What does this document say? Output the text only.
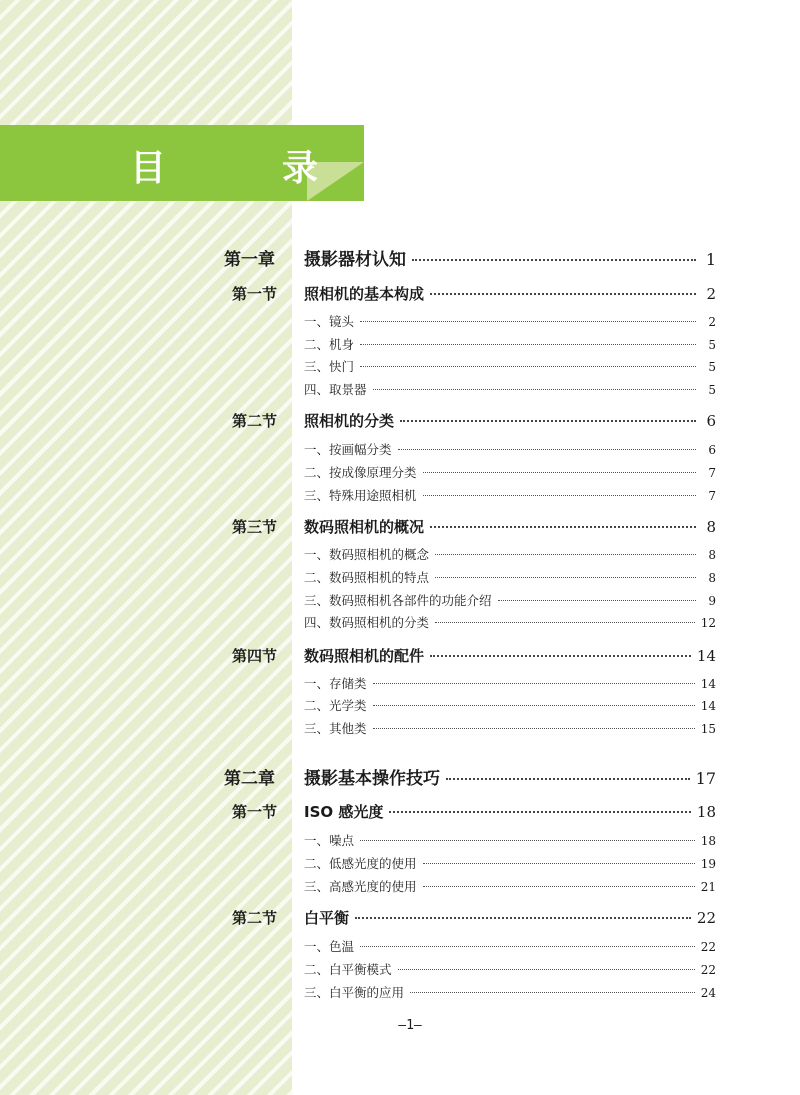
目　录
第一章	摄影器材认知	1
第一节	照相机的基本构成	2
一、镜头	2
二、机身	5
三、快门	5
四、取景器	5
第二节	照相机的分类	6
一、按画幅分类	6
二、按成像原理分类	7
三、特殊用途照相机	7
第三节	数码照相机的概况	8
一、数码照相机的概念	8
二、数码照相机的特点	8
三、数码照相机各部件的功能介绍	9
四、数码照相机的分类	12
第四节	数码照相机的配件	14
一、存储类	14
二、光学类	14
三、其他类	15
第二章	摄影基本操作技巧	17
第一节	ISO 感光度	18
一、噪点	18
二、低感光度的使用	19
三、高感光度的使用	21
第二节	白平衡	22
一、色温	22
二、白平衡模式	22
三、白平衡的应用	24
–1–
